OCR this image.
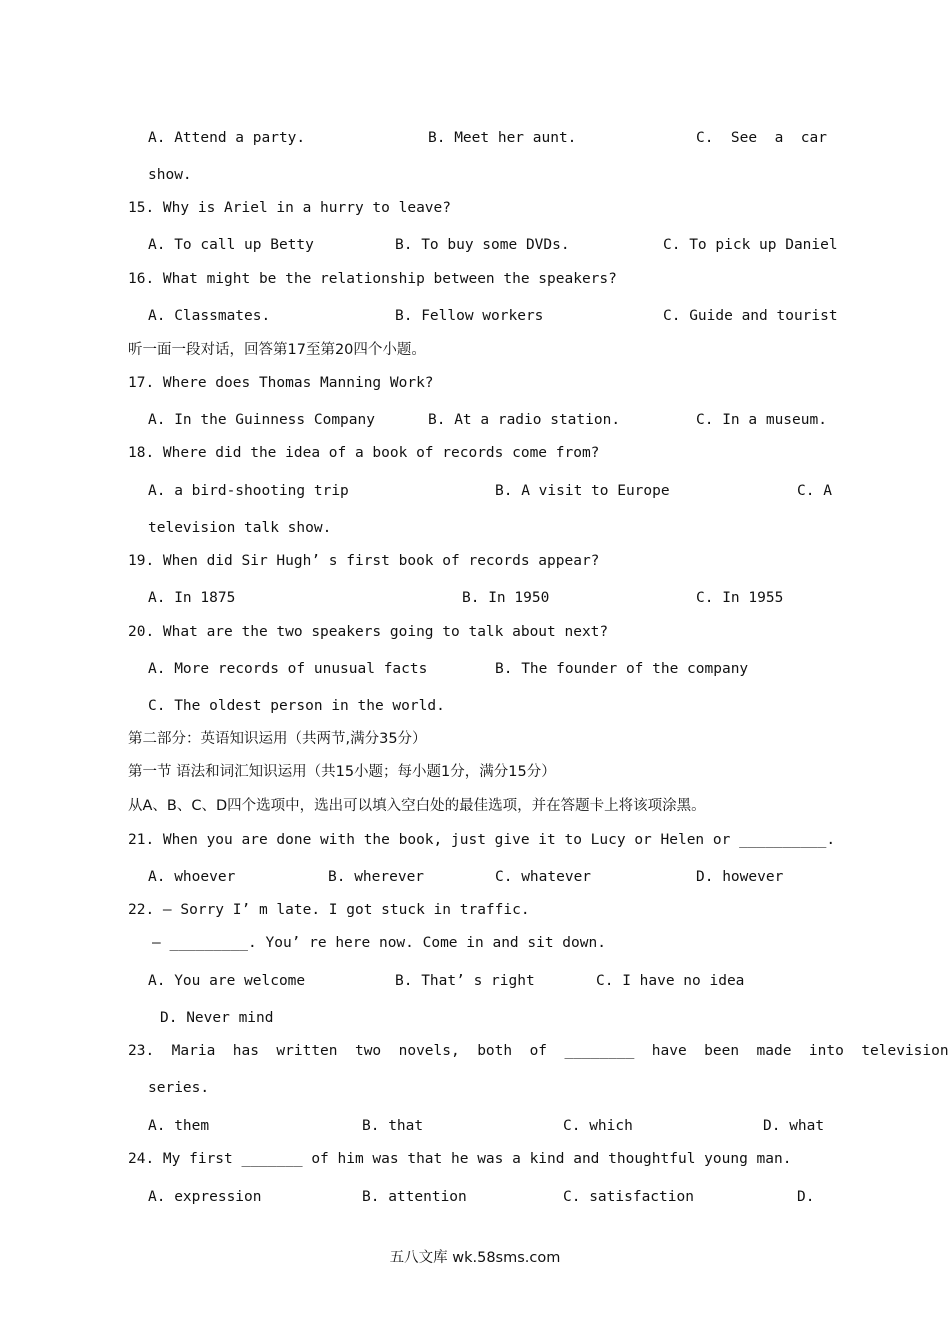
A. Attend a party.	B. Meet her aunt.	C.  See  a  car
show.
15. Why is Ariel in a hurry to leave?
A. To call up Betty	B. To buy some DVDs.	C. To pick up Daniel
16. What might be the relationship between the speakers?
A. Classmates.	B. Fellow workers	C. Guide and tourist
听一面一段对话，回答第17至第20四个小题。
17. Where does Thomas Manning Work?
A. In the Guinness Company	B. At a radio station.	C. In a museum.
18. Where did the idea of a book of records come from?
A. a bird-shooting trip	B. A visit to Europe	C. A
television talk show.
19. When did Sir Hugh’ s first book of records appear?
A. In 1875	B. In 1950	C. In 1955
20. What are the two speakers going to talk about next?
A. More records of unusual facts	B. The founder of the company
C. The oldest person in the world.
第二部分：英语知识运用（共两节,满分35分）
第一节 语法和词汇知识运用（共15小题；每小题1分，满分15分）
从A、B、C、D四个选项中，选出可以填入空白处的最佳选项，并在答题卡上将该项涂黑。
21. When you are done with the book, just give it to Lucy or Helen or __________.
A. whoever	B. wherever	C. whatever	D. however
22. — Sorry I’ m late. I got stuck in traffic.
— _________. You’ re here now. Come in and sit down.
A. You are welcome	B. That’ s right	C. I have no idea
D. Never mind
23.  Maria  has  written  two  novels,  both  of  ________  have  been  made  into  television
series.
A. them	B. that	C. which	D. what
24. My first _______ of him was that he was a kind and thoughtful young man.
A. expression	B. attention	C. satisfaction	D.
五八文库 wk.58sms.com
